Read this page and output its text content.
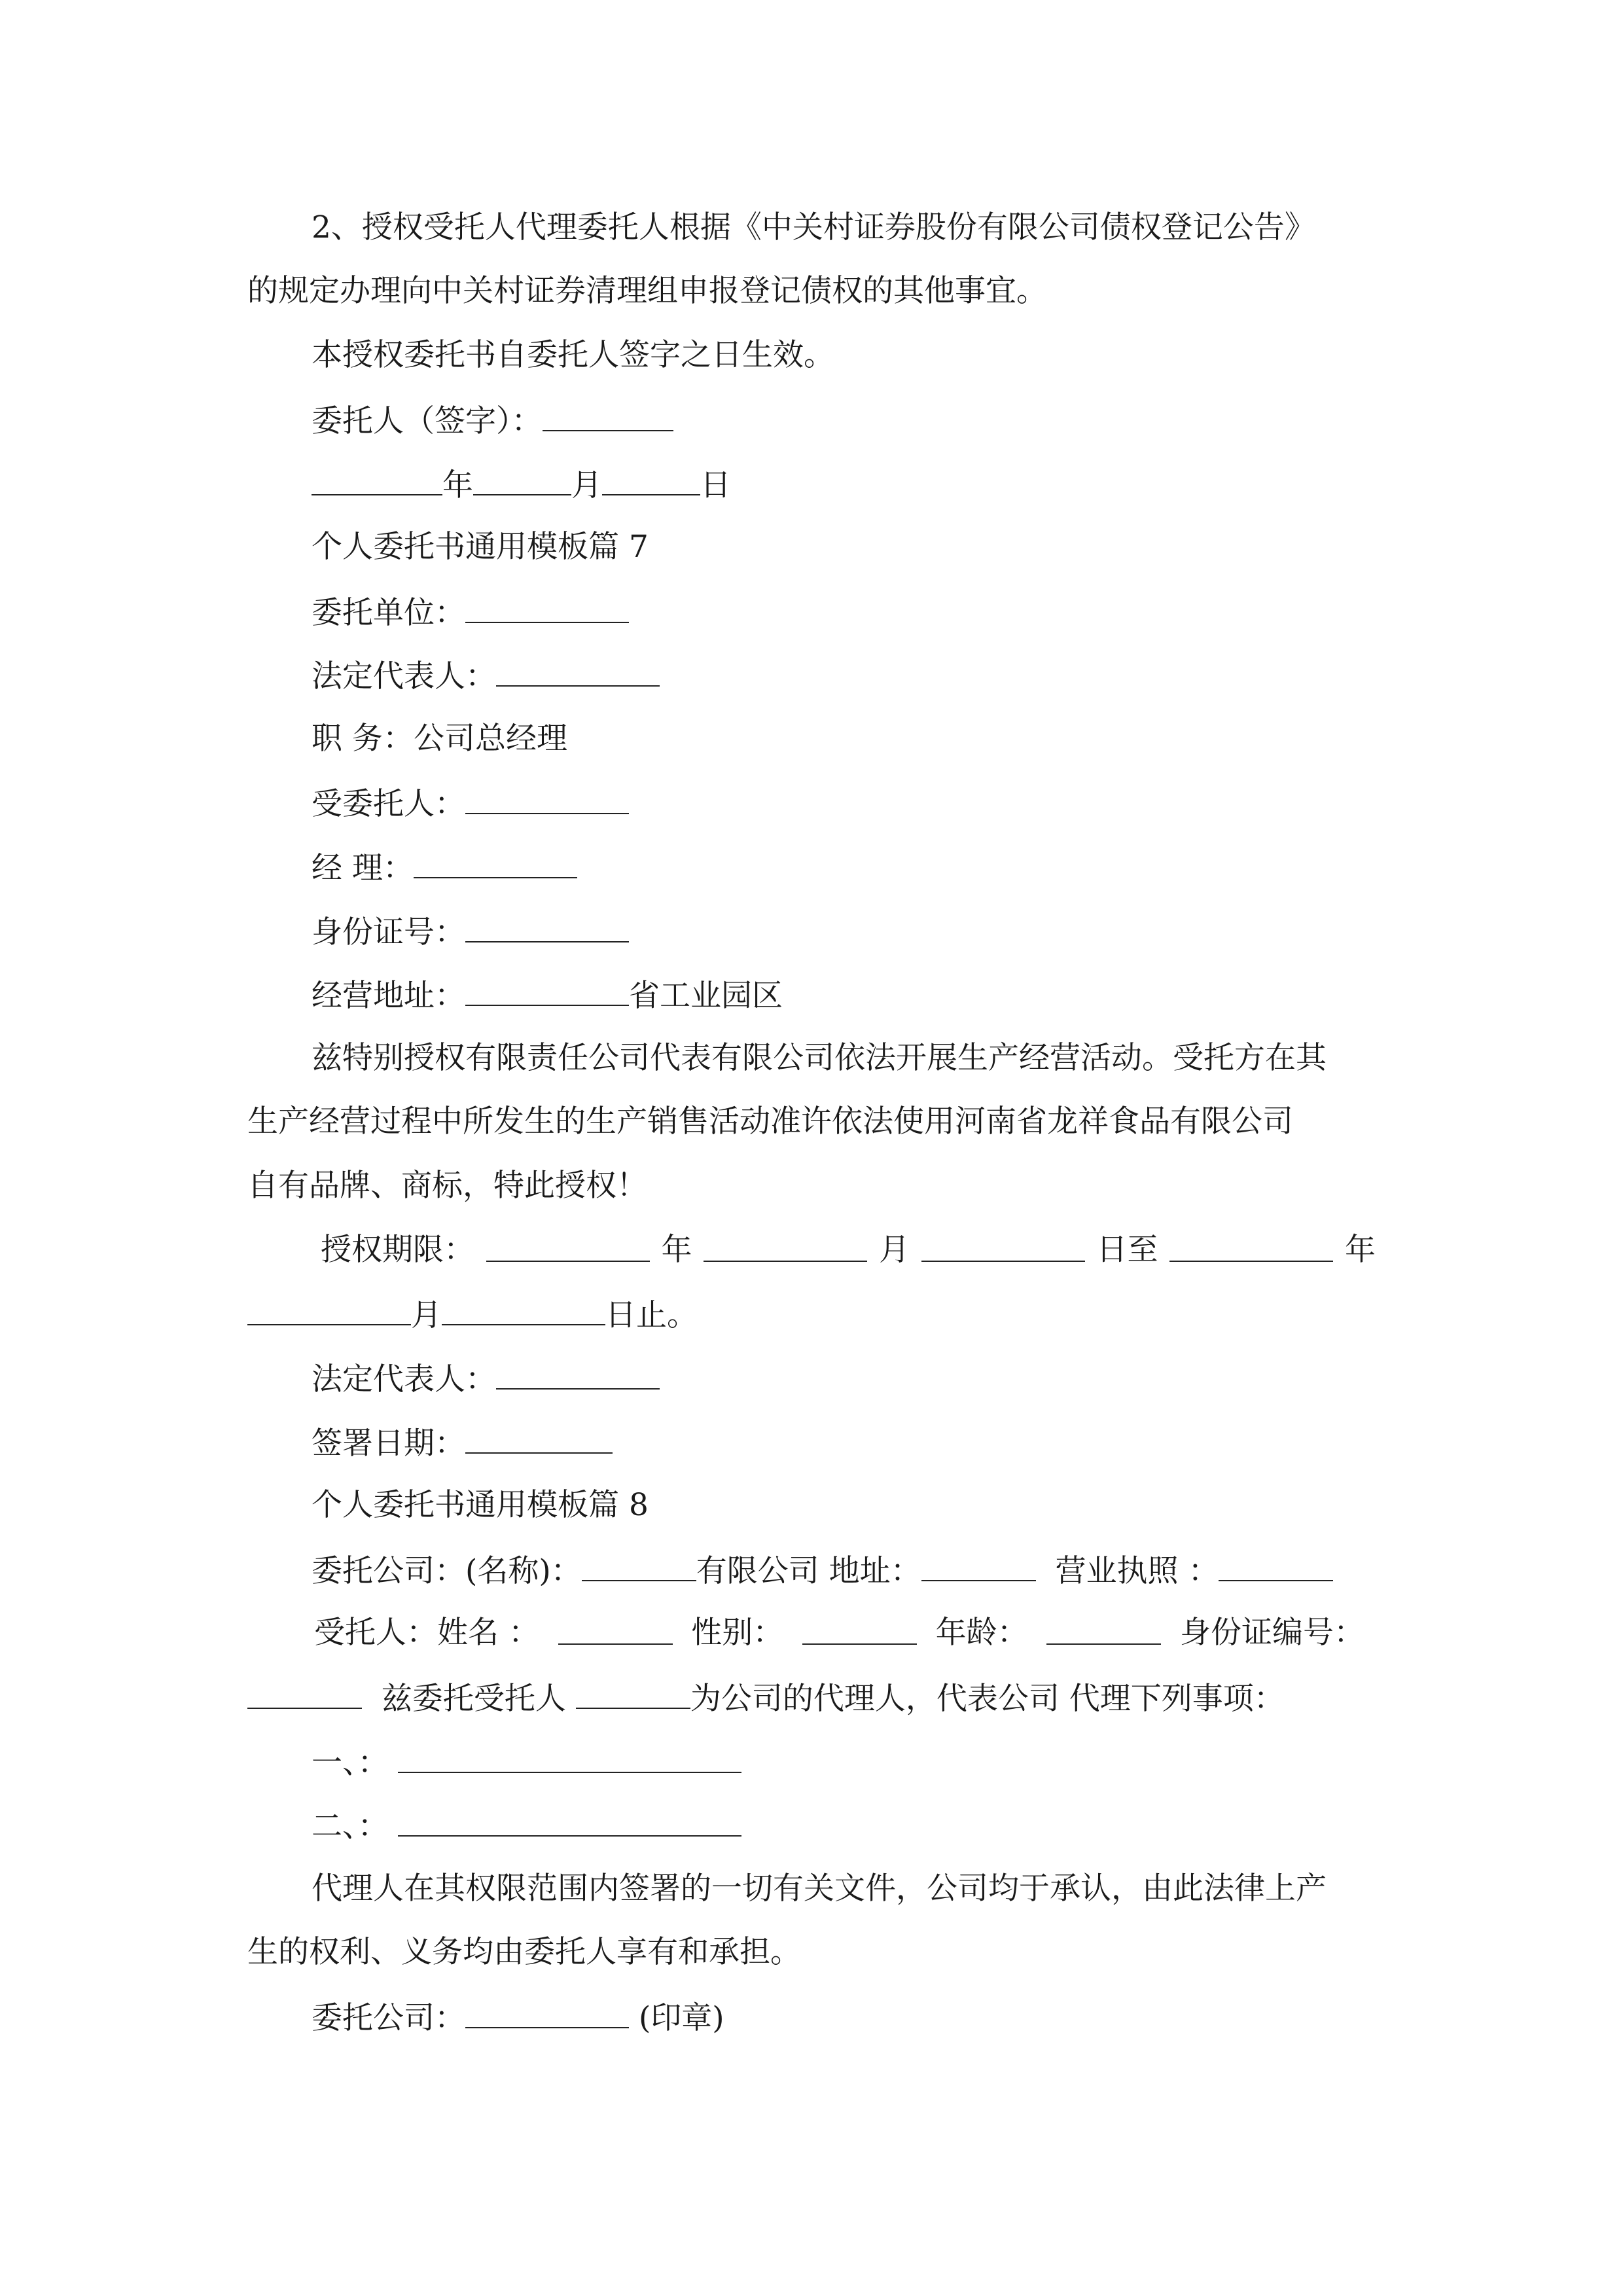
2、授权受托人代理委托人根据《中关村证券股份有限公司债权登记公告》
的规定办理向中关村证券清理组申报登记债权的其他事宜。
本授权委托书自委托人签字之日生效。
委托人（签字）：
年	月	日
个人委托书通用模板篇 7
委托单位：
法定代表人：
职 务：公司总经理
受委托人：
经 理：
身份证号：
经营地址：	省工业园区
兹特别授权有限责任公司代表有限公司依法开展生产经营活动。受托方在其
生产经营过程中所发生的生产销售活动准许依法使用河南省龙祥食品有限公司
自有品牌、商标，特此授权！
授权期限：	年	月	日至	年
月	日止。
法定代表人：
签署日期：
个人委托书通用模板篇 8
委托公司：(名称)：	有限公司 地址：	营业执照 ：
受托人：姓名 ：	性别：	年龄：	身份证编号：
兹委托受托人	为公司的代理人，代表公司 代理下列事项：
一、：
二、：
代理人在其权限范围内签署的一切有关文件，公司均于承认，由此法律上产
生的权利、义务均由委托人享有和承担。
委托公司：	(印章)
